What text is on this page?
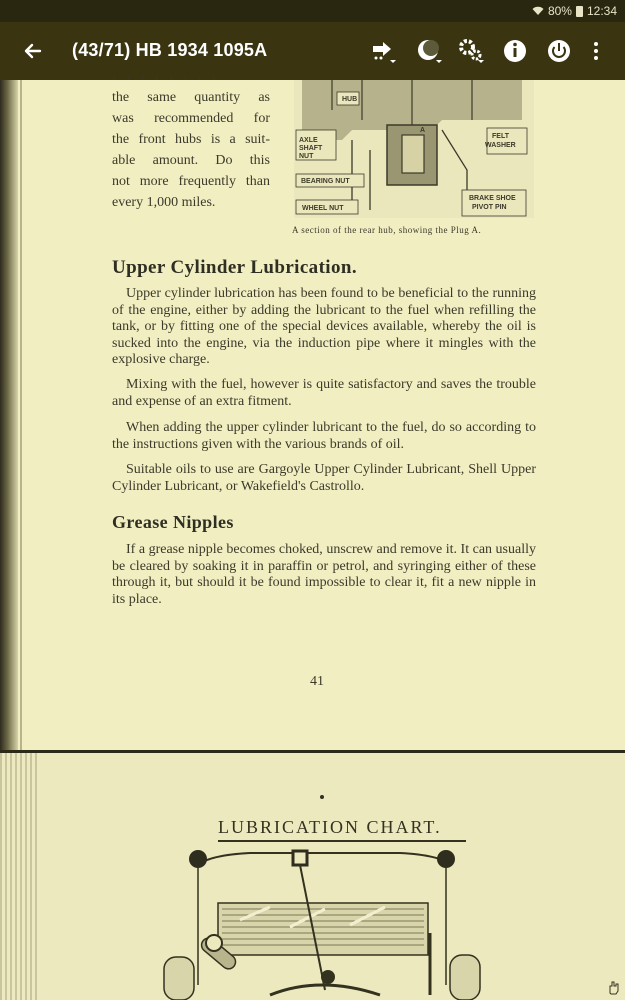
80% 12:34
(43/71) HB 1934 1095A
· · · · · · · ·
the same quantity as
was recommended for
the front hubs is a suit-
able amount. Do this
not more frequently than
every 1,000 miles.
HUB
AXLE SHAFT NUT
FELT WASHER
BEARING NUT
BRAKE SHOE PIVOT PIN
WHEEL NUT
A
A section of the rear hub, showing the Plug A.
Upper Cylinder Lubrication.
Upper cylinder lubrication has been found to be beneficial to the running of the engine, either by adding the lubricant to the fuel when refilling the tank, or by fitting one of the special devices available, whereby the oil is sucked into the engine, via the induction pipe where it mingles with the explosive charge.
Mixing with the fuel, however is quite satisfactory and saves the trouble and expense of an extra fitment.
When adding the upper cylinder lubricant to the fuel, do so according to the instructions given with the various brands of oil.
Suitable oils to use are Gargoyle Upper Cylinder Lubricant, Shell Upper Cylinder Lubricant, or Wakefield's Castrollo.
Grease Nipples
If a grease nipple becomes choked, unscrew and remove it. It can usually be cleared by soaking it in paraffin or petrol, and syringing either of these through it, but should it be found impossible to clear it, fit a new nipple in its place.
41
LUBRICATION CHART.
